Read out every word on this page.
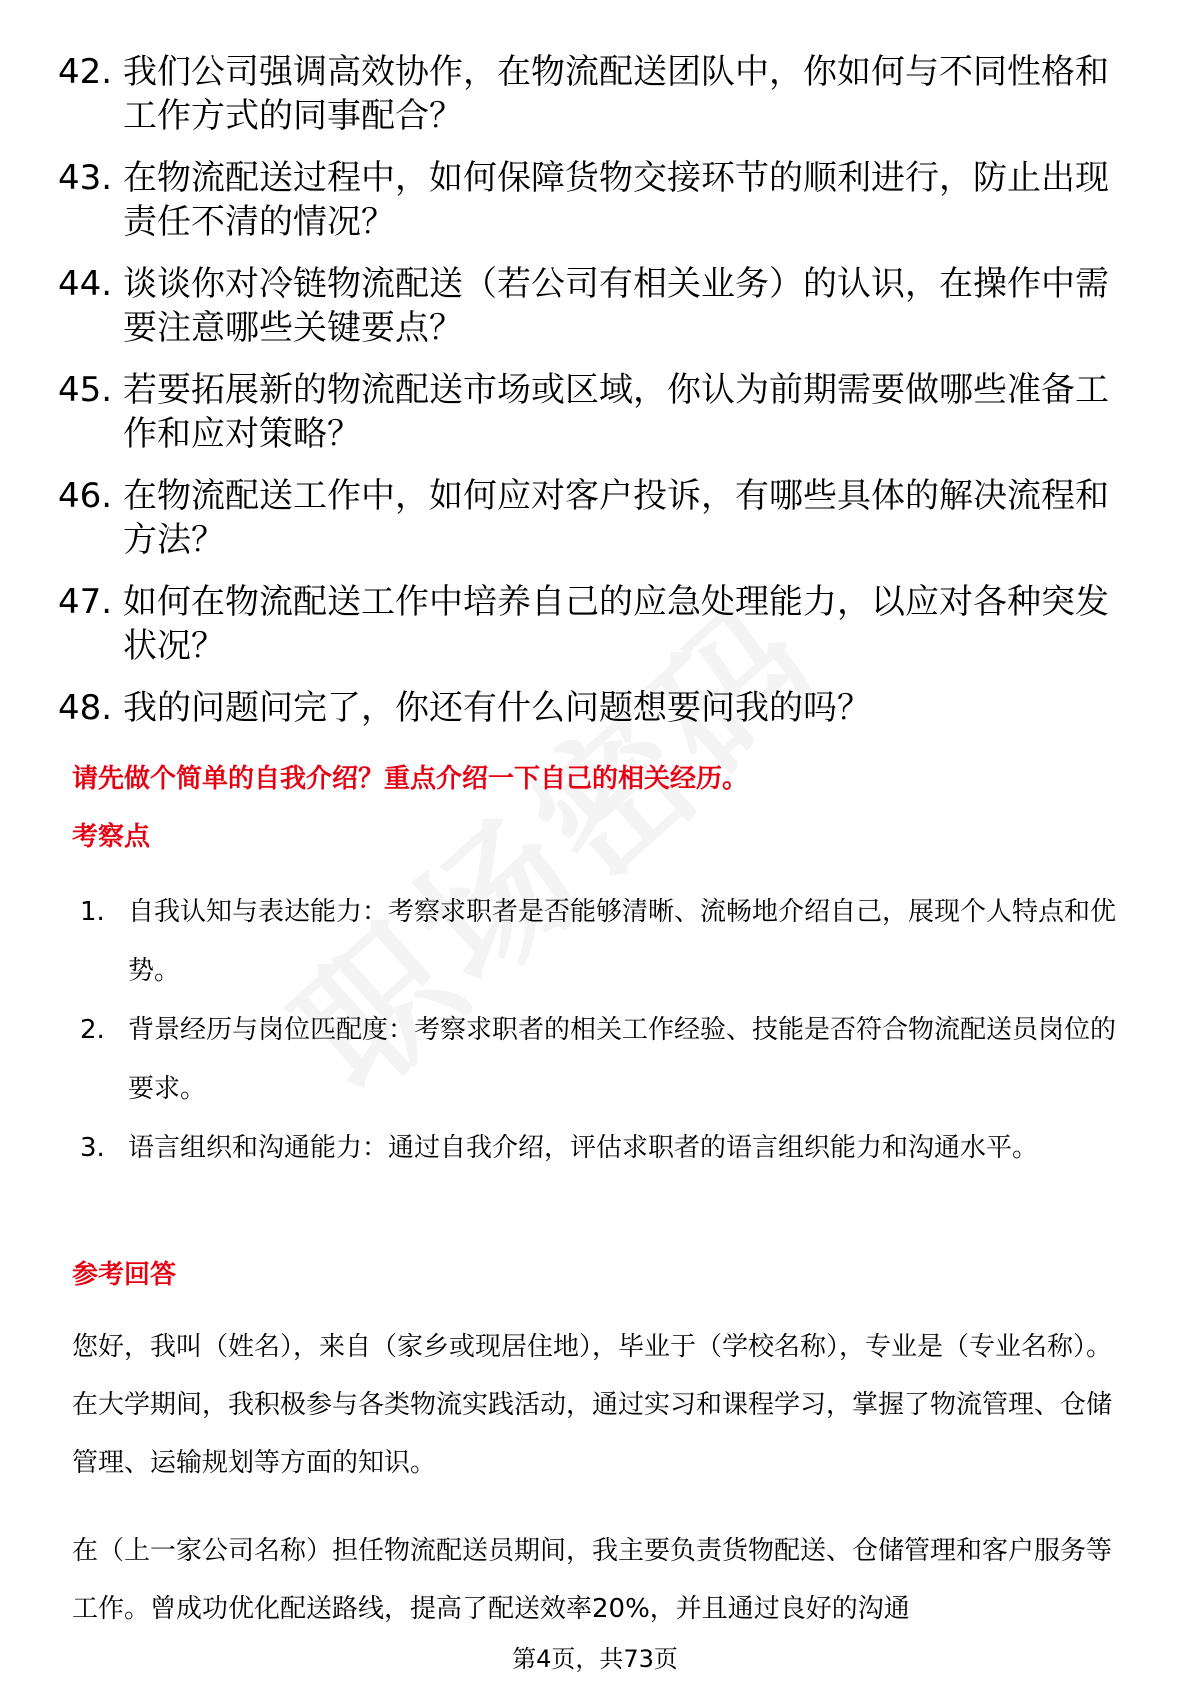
42. 我们公司强调高效协作，在物流配送团队中，你如何与不同性格和工作方式的同事配合？
43. 在物流配送过程中，如何保障货物交接环节的顺利进行，防止出现责任不清的情况？
44. 谈谈你对冷链物流配送（若公司有相关业务）的认识，在操作中需要注意哪些关键要点？
45. 若要拓展新的物流配送市场或区域，你认为前期需要做哪些准备工作和应对策略？
46. 在物流配送工作中，如何应对客户投诉，有哪些具体的解决流程和方法？
47. 如何在物流配送工作中培养自己的应急处理能力，以应对各种突发状况？
48. 我的问题问完了，你还有什么问题想要问我的吗？
请先做个简单的自我介绍？重点介绍一下自己的相关经历。
考察点
1. 自我认知与表达能力：考察求职者是否能够清晰、流畅地介绍自己，展现个人特点和优势。
2. 背景经历与岗位匹配度：考察求职者的相关工作经验、技能是否符合物流配送员岗位的要求。
3. 语言组织和沟通能力：通过自我介绍，评估求职者的语言组织能力和沟通水平。
参考回答
您好，我叫（姓名），来自（家乡或现居住地），毕业于（学校名称），专业是（专业名称）。在大学期间，我积极参与各类物流实践活动，通过实习和课程学习，掌握了物流管理、仓储管理、运输规划等方面的知识。
在（上一家公司名称）担任物流配送员期间，我主要负责货物配送、仓储管理和客户服务等工作。曾成功优化配送路线，提高了配送效率20%，并且通过良好的沟通
第4页，共73页
